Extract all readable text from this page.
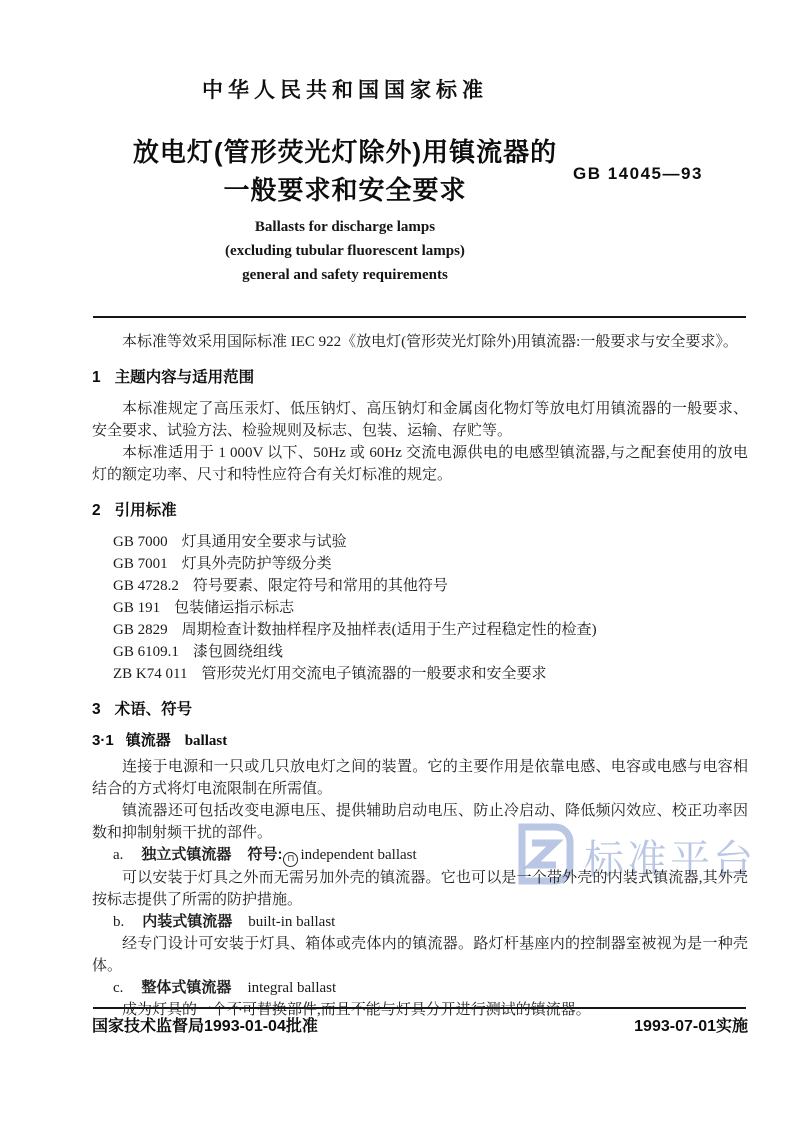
标准平台
中华人民共和国国家标准
放电灯(管形荧光灯除外)用镇流器的
一般要求和安全要求
GB 14045—93
Ballasts for discharge lamps
(excluding tubular fluorescent lamps)
general and safety requirements

本标准等效采用国际标准 IEC 922《放电灯(管形荧光灯除外)用镇流器:一般要求与安全要求》。

1 主题内容与适用范围

本标准规定了高压汞灯、低压钠灯、高压钠灯和金属卤化物灯等放电灯用镇流器的一般要求、安全要求、试验方法、检验规则及标志、包装、运输、存贮等。

本标准适用于 1 000V 以下、50Hz 或 60Hz 交流电源供电的电感型镇流器,与之配套使用的放电灯的额定功率、尺寸和特性应符合有关灯标准的规定。

2 引用标准
GB 7000 灯具通用安全要求与试验
GB 7001 灯具外壳防护等级分类
GB 4728.2 符号要素、限定符号和常用的其他符号
GB 191 包装储运指示标志
GB 2829 周期检查计数抽样程序及抽样表(适用于生产过程稳定性的检查)
GB 6109.1 漆包圆绕组线
ZB K74 011 管形荧光灯用交流电子镇流器的一般要求和安全要求
3 术语、符号
3·1 镇流器 ballast

连接于电源和一只或几只放电灯之间的装置。它的主要作用是依靠电感、电容或电感与电容相结合的方式将灯电流限制在所需值。

镇流器还可包括改变电源电压、提供辅助启动电压、防止冷启动、降低频闪效应、校正功率因数和抑制射频干扰的部件。

a. 独立式镇流器 符号: ⊓ independent ballast

可以安装于灯具之外而无需另加外壳的镇流器。它也可以是一个带外壳的内装式镇流器,其外壳按标志提供了所需的防护措施。

b. 内装式镇流器 built-in ballast

经专门设计可安装于灯具、箱体或壳体内的镇流器。路灯杆基座内的控制器室被视为是一种壳体。

c. 整体式镇流器 integral ballast

成为灯具的一个不可替换部件,而且不能与灯具分开进行测试的镇流器。

国家技术监督局1993-01-04批准	1993-07-01实施
